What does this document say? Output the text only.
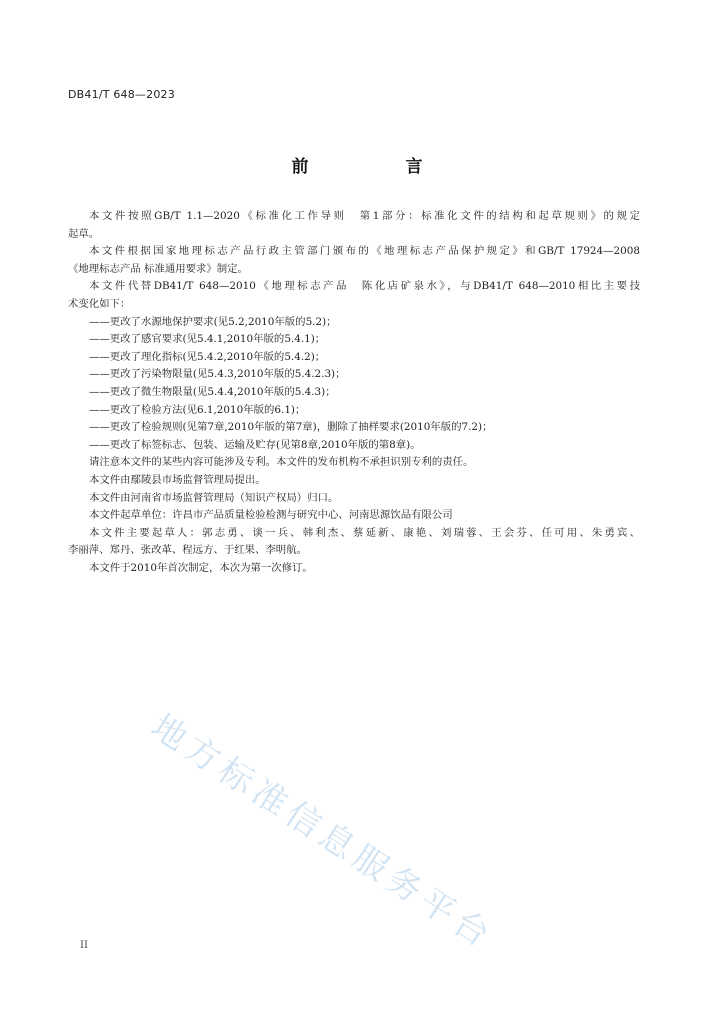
DB41/T 648—2023
前　言
本文件按照GB/T 1.1—2020《标准化工作导则　第1部分：标准化文件的结构和起草规则》的规定
起草。
本文件根据国家地理标志产品行政主管部门颁布的《地理标志产品保护规定》和GB/T 17924—2008
《地理标志产品 标准通用要求》制定。
本文件代替DB41/T 648—2010《地理标志产品　陈化店矿泉水》，与DB41/T 648—2010相比主要技
术变化如下：
——更改了水源地保护要求(见5.2,2010年版的5.2)；
——更改了感官要求(见5.4.1,2010年版的5.4.1)；
——更改了理化指标(见5.4.2,2010年版的5.4.2)；
——更改了污染物限量(见5.4.3,2010年版的5.4.2.3)；
——更改了微生物限量(见5.4.4,2010年版的5.4.3)；
——更改了检验方法(见6.1,2010年版的6.1)；
——更改了检验规则(见第7章,2010年版的第7章)，删除了抽样要求(2010年版的7.2)；
——更改了标签标志、包装、运输及贮存(见第8章,2010年版的第8章)。
请注意本文件的某些内容可能涉及专利。本文件的发布机构不承担识别专利的责任。
本文件由鄢陵县市场监督管理局提出。
本文件由河南省市场监督管理局（知识产权局）归口。
本文件起草单位：许昌市产品质量检验检测与研究中心、河南思源饮品有限公司
本文件主要起草人：郭志勇、谈一兵、韩利杰、蔡延新、康艳、刘瑞蓉、王会芬、任可用、朱勇宾、
李丽萍、郑丹、张改革、程远方、于红果、李明航。
本文件于2010年首次制定，本次为第一次修订。
II 地方标准信息服务平台
